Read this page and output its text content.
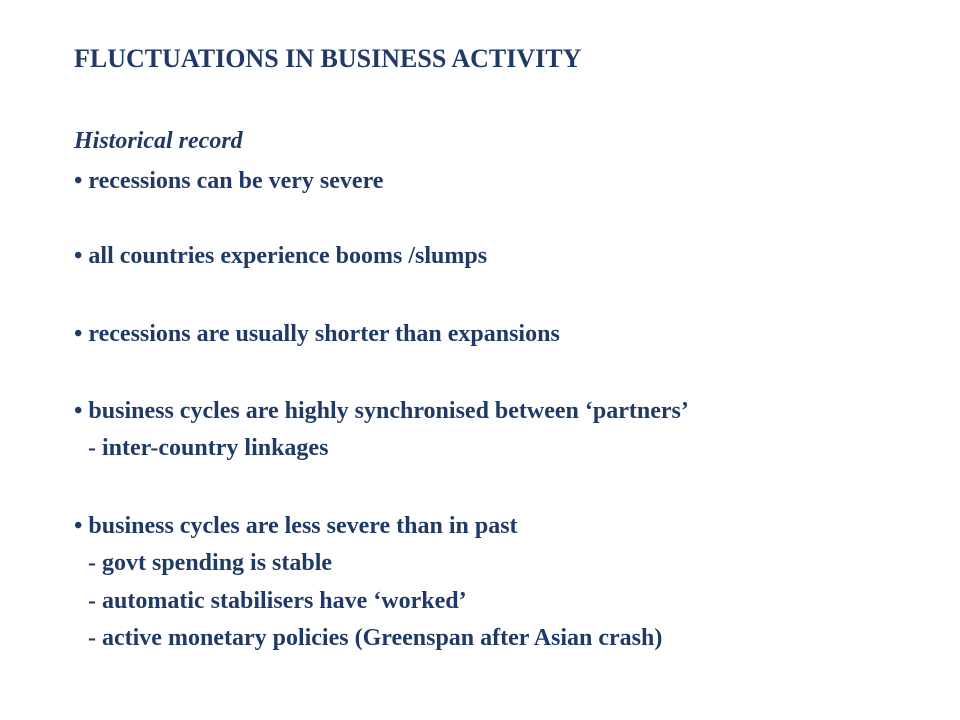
FLUCTUATIONS IN BUSINESS ACTIVITY
Historical record
• recessions can be very severe
• all countries experience booms /slumps
• recessions are usually shorter than expansions
• business cycles are highly synchronised between ‘partners’
- inter-country linkages
• business cycles are less severe than in past
- govt spending is stable
- automatic stabilisers have ‘worked’
- active monetary policies (Greenspan after Asian crash)
